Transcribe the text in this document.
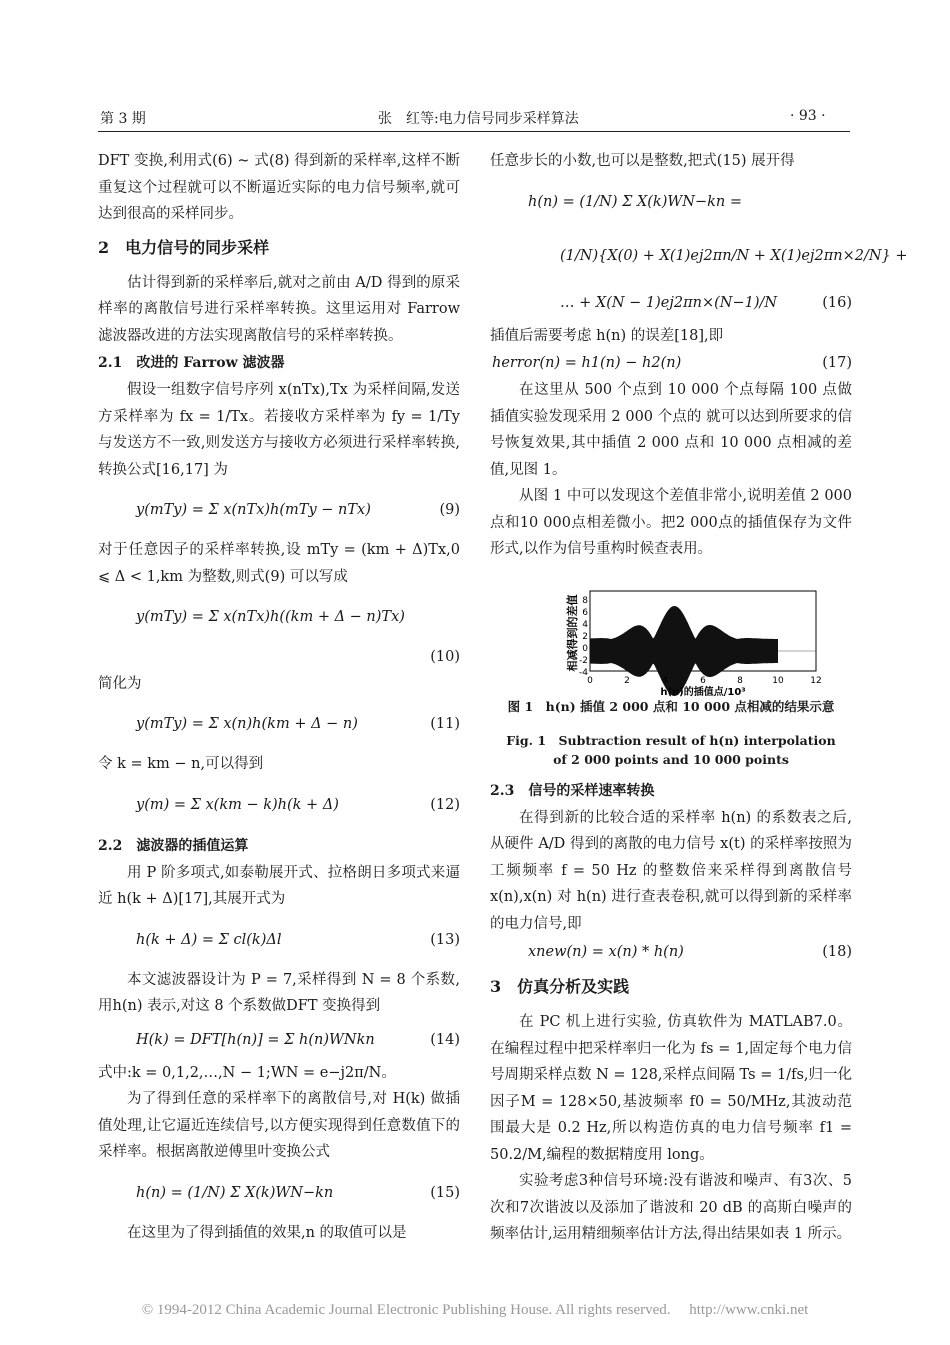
第 3 期	张　红等:电力信号同步采样算法	· 93 ·

DFT 变换,利用式(6) ~ 式(8) 得到新的采样率,这样不断重复这个过程就可以不断逼近实际的电力信号频率,就可达到很高的采样同步。

2　电力信号的同步采样

估计得到新的采样率后,就对之前由 A/D 得到的原采样率的离散信号进行采样率转换。这里运用对 Farrow 滤波器改进的方法实现离散信号的采样率转换。

2.1　改进的 Farrow 滤波器

假设一组数字信号序列 x(nTx),Tx 为采样间隔,发送方采样率为 fx = 1/Tx。若接收方采样率为 fy = 1/Ty 与发送方不一致,则发送方与接收方必须进行采样率转换,转换公式[16,17] 为

y(mTy) = Σ x(nTx)h(mTy − nTx)	(9)

对于任意因子的采样率转换,设 mTy = (km + Δ)Tx,0 ⩽ Δ < 1,km 为整数,则式(9) 可以写成

y(mTy) = Σ x(nTx)h((km + Δ − n)Tx)
(10)

简化为

y(mTy) = Σ x(n)h(km + Δ − n)	(11)

令 k = km − n,可以得到

y(m) = Σ x(km − k)h(k + Δ)	(12)
2.2　滤波器的插值运算

用 P 阶多项式,如泰勒展开式、拉格朗日多项式来逼近 h(k + Δ)[17],其展开式为

h(k + Δ) = Σ cl(k)Δl	(13)

本文滤波器设计为 P = 7,采样得到 N = 8 个系数,用h(n) 表示,对这 8 个系数做DFT 变换得到

H(k) = DFT[h(n)] = Σ h(n)WNkn	(14)

式中:k = 0,1,2,…,N − 1;WN = e−j2π/N。

为了得到任意的采样率下的离散信号,对 H(k) 做插值处理,让它逼近连续信号,以方便实现得到任意数值下的采样率。根据离散逆傅里叶变换公式

h(n) = (1/N) Σ X(k)WN−kn	(15)

在这里为了得到插值的效果,n 的取值可以是

任意步长的小数,也可以是整数,把式(15) 展开得

h(n) = (1/N) Σ X(k)WN−kn =
(1/N){X(0) + X(1)ej2πn/N + X(1)ej2πn×2/N} +
… + X(N − 1)ej2πn×(N−1)/N	(16)

插值后需要考虑 h(n) 的误差[18],即

herror(n) = h1(n) − h2(n)	(17)

在这里从 500 个点到 10 000 个点每隔 100 点做插值实验发现采用 2 000 个点的 就可以达到所要求的信号恢复效果,其中插值 2 000 点和 10 000 点相减的差值,见图 1。

从图 1 中可以发现这个差值非常小,说明差值 2 000点和10 000点相差微小。把2 000点的插值保存为文件形式,以作为信号重构时候查表用。

相减得到的差值 8
6
4
2
0
-2
-4
0	2	4	6	8	10	12
h(n)的插值点/10³
图 1　h(n) 插值 2 000 点和 10 000 点相减的结果示意
Fig. 1　Subtraction result of h(n) interpolation
of 2 000 points and 10 000 points
2.3　信号的采样速率转换

在得到新的比较合适的采样率 h(n) 的系数表之后,从硬件 A/D 得到的离散的电力信号 x(t) 的采样率按照为工频频率 f = 50 Hz 的整数倍来采样得到离散信号 x(n),x(n) 对 h(n) 进行查表卷积,就可以得到新的采样率的电力信号,即

xnew(n) = x(n) * h(n)	(18)
3　仿真分析及实践

在 PC 机上进行实验, 仿真软件为 MATLAB7.0。在编程过程中把采样率归一化为 fs = 1,固定每个电力信号周期采样点数 N = 128,采样点间隔 Ts = 1/fs,归一化因子M = 128×50,基波频率 f0 = 50/MHz,其波动范围最大是 0.2 Hz,所以构造仿真的电力信号频率 f1 = 50.2/M,编程的数据精度用 long。

实验考虑3种信号环境:没有谐波和噪声、有3次、5次和7次谐波以及添加了谐波和 20 dB 的高斯白噪声的频率估计,运用精细频率估计方法,得出结果如表 1 所示。

© 1994-2012 China Academic Journal Electronic Publishing House. All rights reserved.　 http://www.cnki.net
